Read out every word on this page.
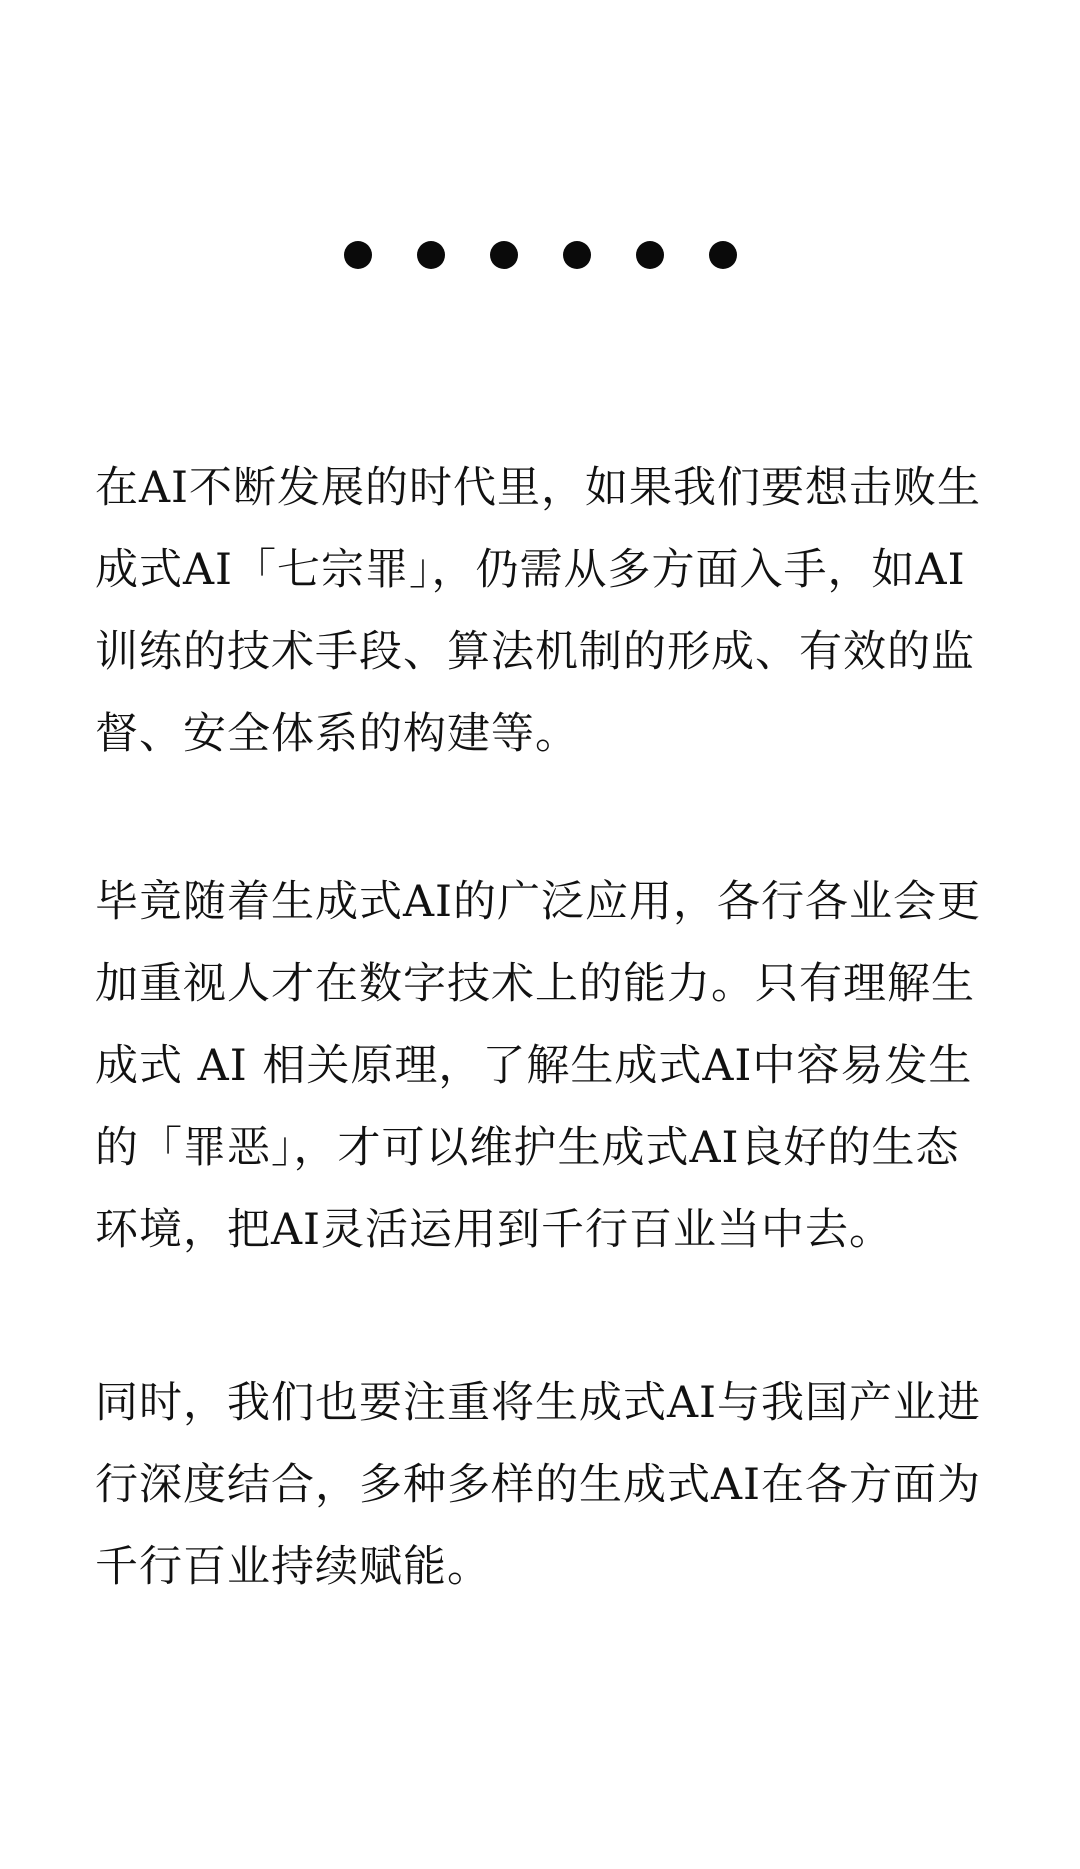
在AI不断发展的时代里，如果我们要想击败生
成式AI「七宗罪」，仍需从多方面入手，如AI
训练的技术手段、算法机制的形成、有效的监
督、安全体系的构建等。

毕竟随着生成式AI的广泛应用，各行各业会更
加重视人才在数字技术上的能力。只有理解生
成式 AI 相关原理，了解生成式AI中容易发生
的「罪恶」，才可以维护生成式AI良好的生态
环境，把AI灵活运用到千行百业当中去。

同时，我们也要注重将生成式AI与我国产业进
行深度结合，多种多样的生成式AI在各方面为
千行百业持续赋能。
